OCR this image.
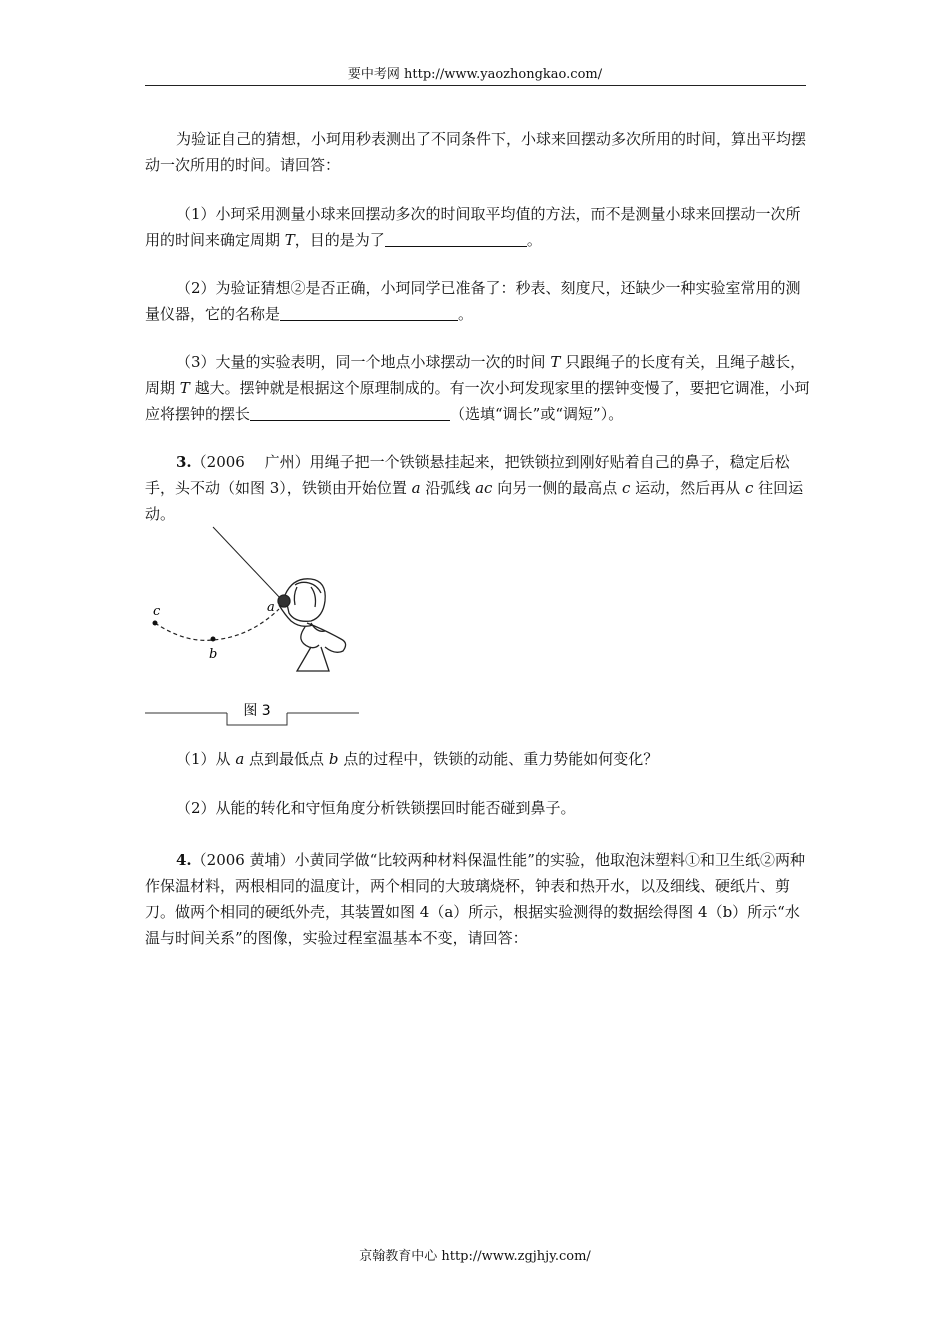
要中考网 http://www.yaozhongkao.com/

为验证自己的猜想，小珂用秒表测出了不同条件下，小球来回摆动多次所用的时间，算出平均摆动一次所用的时间。请回答：

（1）小珂采用测量小球来回摆动多次的时间取平均值的方法，而不是测量小球来回摆动一次所用的时间来确定周期 T，目的是为了	。

（2）为验证猜想②是否正确，小珂同学已准备了：秒表、刻度尺，还缺少一种实验室常用的测量仪器，它的名称是	。

（3）大量的实验表明，同一个地点小球摆动一次的时间 T 只跟绳子的长度有关，且绳子越长，周期 T 越大。摆钟就是根据这个原理制成的。有一次小珂发现家里的摆钟变慢了，要把它调准，小珂应将摆钟的摆长	（选填“调长”或“调短”）。

3.（2006　 广州）用绳子把一个铁锁悬挂起来，把铁锁拉到刚好贴着自己的鼻子，稳定后松手，头不动（如图 3），铁锁由开始位置 a 沿弧线 ac 向另一侧的最高点 c 运动，然后再从 c 往回运动。

c
b
a
图 3

（1）从 a 点到最低点 b 点的过程中，铁锁的动能、重力势能如何变化？

（2）从能的转化和守恒角度分析铁锁摆回时能否碰到鼻子。

4.（2006 黄埔）小黄同学做“比较两种材料保温性能”的实验，他取泡沫塑料①和卫生纸②两种作保温材料，两根相同的温度计，两个相同的大玻璃烧杯，钟表和热开水，以及细线、硬纸片、剪刀。做两个相同的硬纸外壳，其装置如图 4（a）所示，根据实验测得的数据绘得图 4（b）所示“水温与时间关系”的图像，实验过程室温基本不变，请回答：

京翰教育中心 http://www.zgjhjy.com/
